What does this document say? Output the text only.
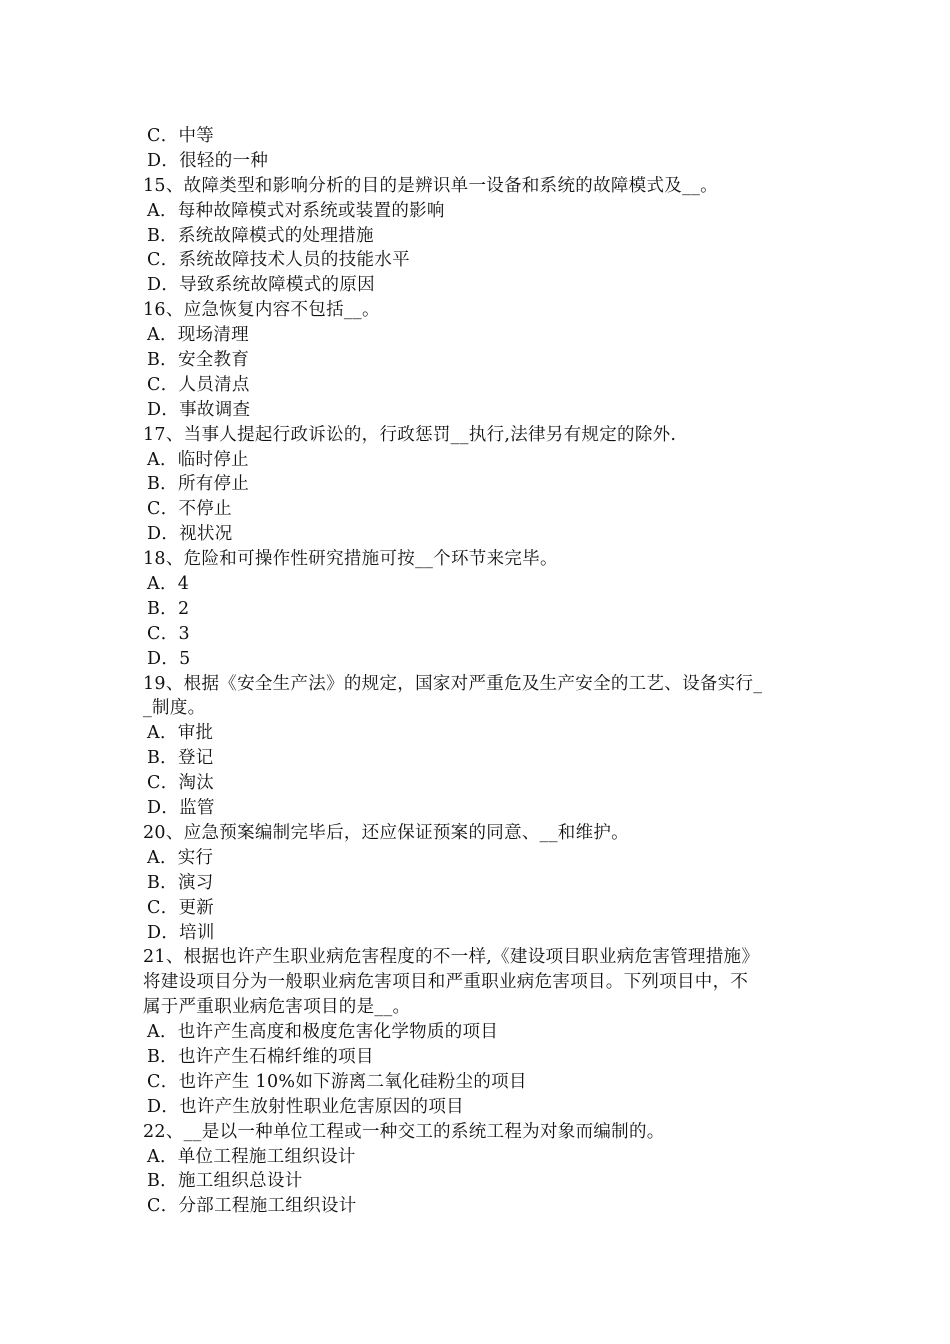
C．中等
D．很轻的一种
15、故障类型和影响分析的目的是辨识单一设备和系统的故障模式及__。
A．每种故障模式对系统或装置的影响
B．系统故障模式的处理措施
C．系统故障技术人员的技能水平
D．导致系统故障模式的原因
16、应急恢复内容不包括__。
A．现场清理
B．安全教育
C．人员清点
D．事故调查
17、当事人提起行政诉讼的，行政惩罚__执行,法律另有规定的除外.
A．临时停止
B．所有停止
C．不停止
D．视状况
18、危险和可操作性研究措施可按__个环节来完毕。
A．4
B．2
C．3
D．5
19、根据《安全生产法》的规定，国家对严重危及生产安全的工艺、设备实行_
_制度。
A．审批
B．登记
C．淘汰
D．监管
20、应急预案编制完毕后，还应保证预案的同意、__和维护。
A．实行
B．演习
C．更新
D．培训
21、根据也许产生职业病危害程度的不一样,《建设项目职业病危害管理措施》
将建设项目分为一般职业病危害项目和严重职业病危害项目。下列项目中，不
属于严重职业病危害项目的是__。
A．也许产生高度和极度危害化学物质的项目
B．也许产生石棉纤维的项目
C．也许产生 10%如下游离二氧化硅粉尘的项目
D．也许产生放射性职业危害原因的项目
22、__是以一种单位工程或一种交工的系统工程为对象而编制的。
A．单位工程施工组织设计
B．施工组织总设计
C．分部工程施工组织设计
